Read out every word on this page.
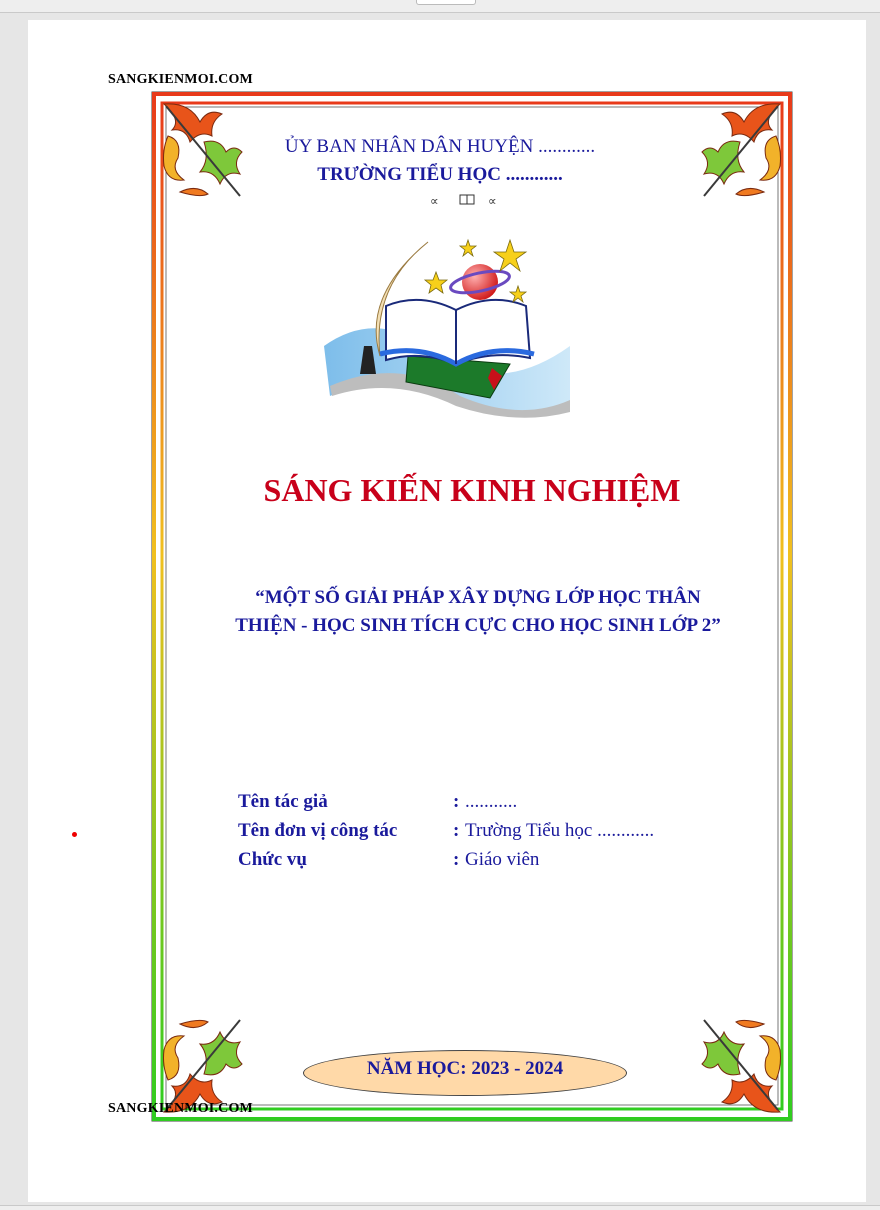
SANGKIENMOI.COM
SANGKIENMOI.COM
ỦY BAN NHÂN DÂN HUYỆN ............
TRƯỜNG TIỂU HỌC ............
∝	∝
SÁNG KIẾN KINH NGHIỆM
“MỘT SỐ GIẢI PHÁP XÂY DỰNG LỚP HỌC THÂN
THIỆN - HỌC SINH TÍCH CỰC CHO HỌC SINH LỚP 2”
Tên tác giả	: ...........
Tên đơn vị công tác	: Trường Tiểu học ............
Chức vụ	: Giáo viên
NĂM HỌC: 2023 - 2024
